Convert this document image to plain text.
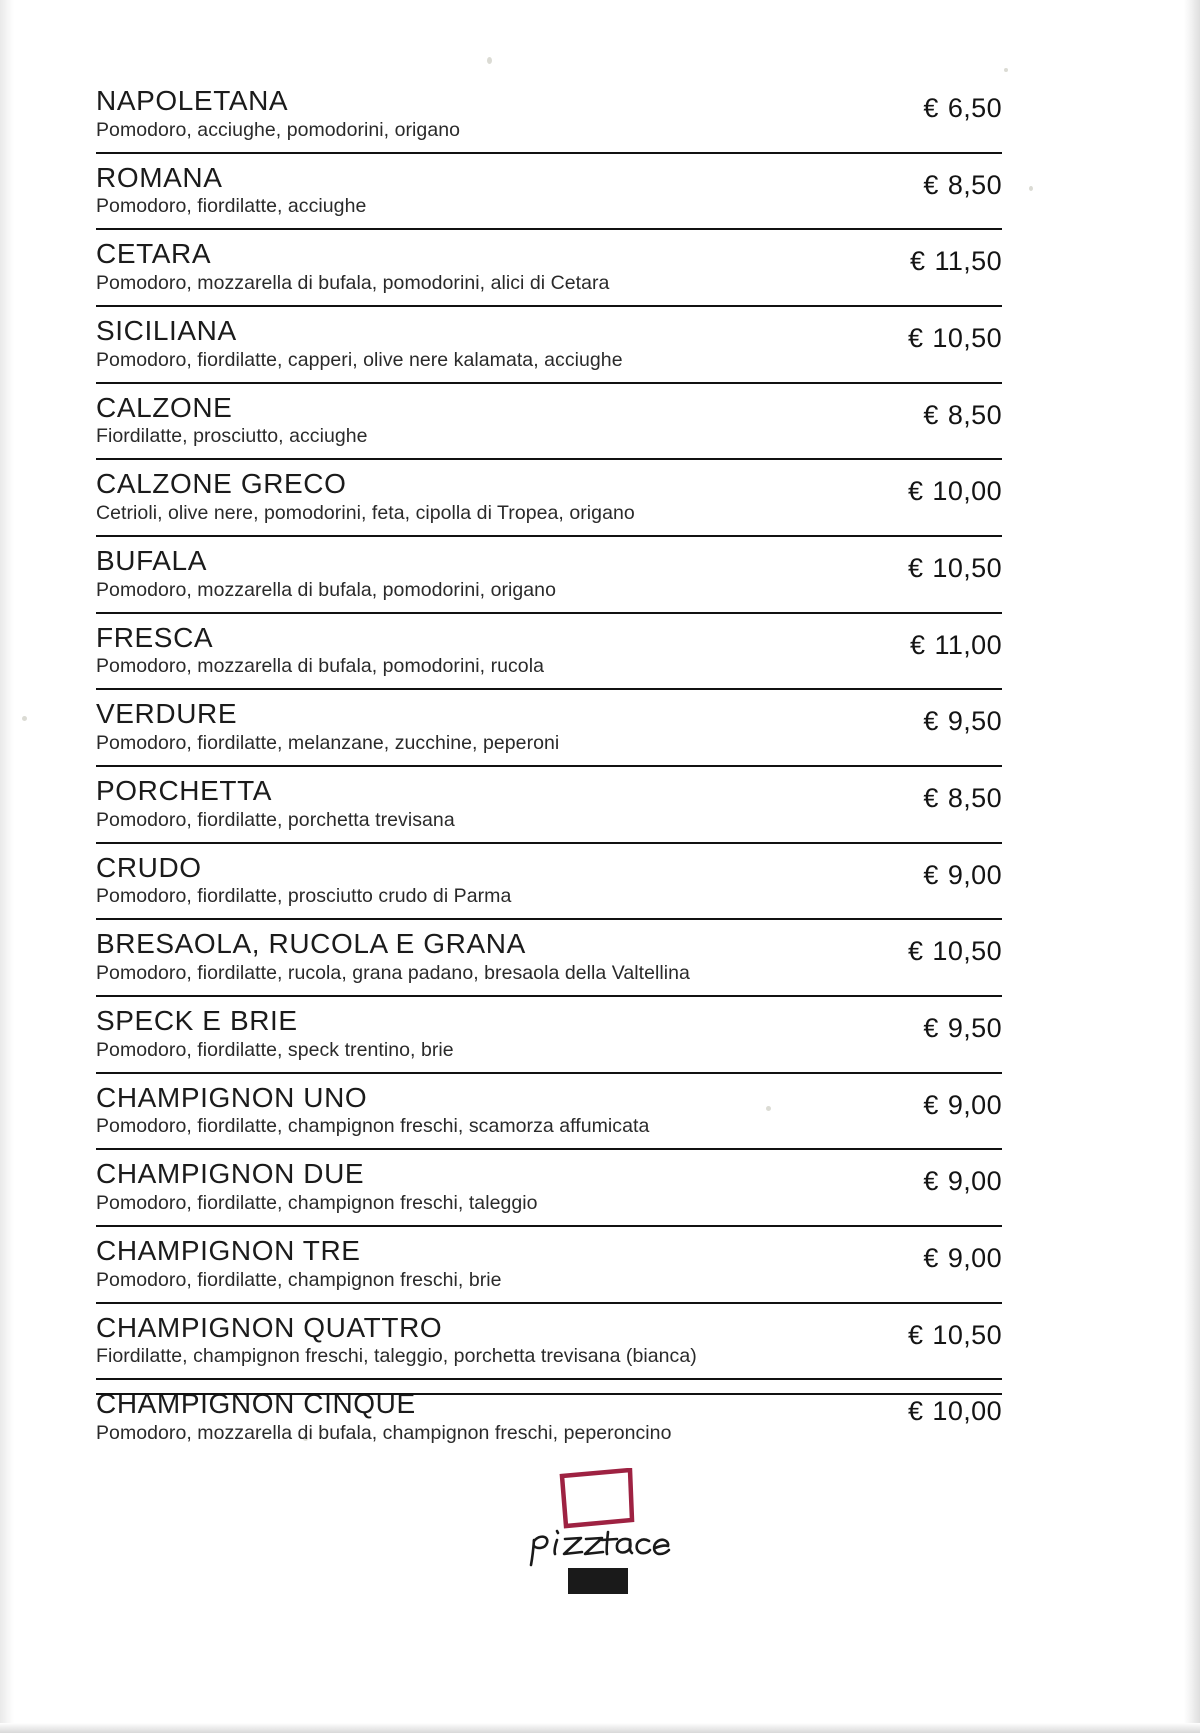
NAPOLETANA
Pomodoro, acciughe, pomodorini, origano
€ 6,50
ROMANA
Pomodoro, fiordilatte, acciughe
€ 8,50
CETARA
Pomodoro, mozzarella di bufala, pomodorini, alici di Cetara
€ 11,50
SICILIANA
Pomodoro, fiordilatte, capperi, olive nere kalamata, acciughe
€ 10,50
CALZONE
Fiordilatte, prosciutto, acciughe
€ 8,50
CALZONE GRECO
Cetrioli, olive nere, pomodorini, feta, cipolla di Tropea, origano
€ 10,00
BUFALA
Pomodoro, mozzarella di bufala, pomodorini, origano
€ 10,50
FRESCA
Pomodoro, mozzarella di bufala, pomodorini, rucola
€ 11,00
VERDURE
Pomodoro, fiordilatte, melanzane, zucchine, peperoni
€ 9,50
PORCHETTA
Pomodoro, fiordilatte, porchetta trevisana
€ 8,50
CRUDO
Pomodoro, fiordilatte, prosciutto crudo di Parma
€ 9,00
BRESAOLA, RUCOLA E GRANA
Pomodoro, fiordilatte, rucola, grana padano, bresaola della Valtellina
€ 10,50
SPECK E BRIE
Pomodoro, fiordilatte, speck trentino, brie
€ 9,50
CHAMPIGNON UNO
Pomodoro, fiordilatte, champignon freschi, scamorza affumicata
€ 9,00
CHAMPIGNON DUE
Pomodoro, fiordilatte, champignon freschi, taleggio
€ 9,00
CHAMPIGNON TRE
Pomodoro, fiordilatte, champignon freschi, brie
€ 9,00
CHAMPIGNON QUATTRO
Fiordilatte, champignon freschi, taleggio, porchetta trevisana (bianca)
€ 10,50
CHAMPIGNON CINQUE
Pomodoro, mozzarella di bufala, champignon freschi, peperoncino
€ 10,00
